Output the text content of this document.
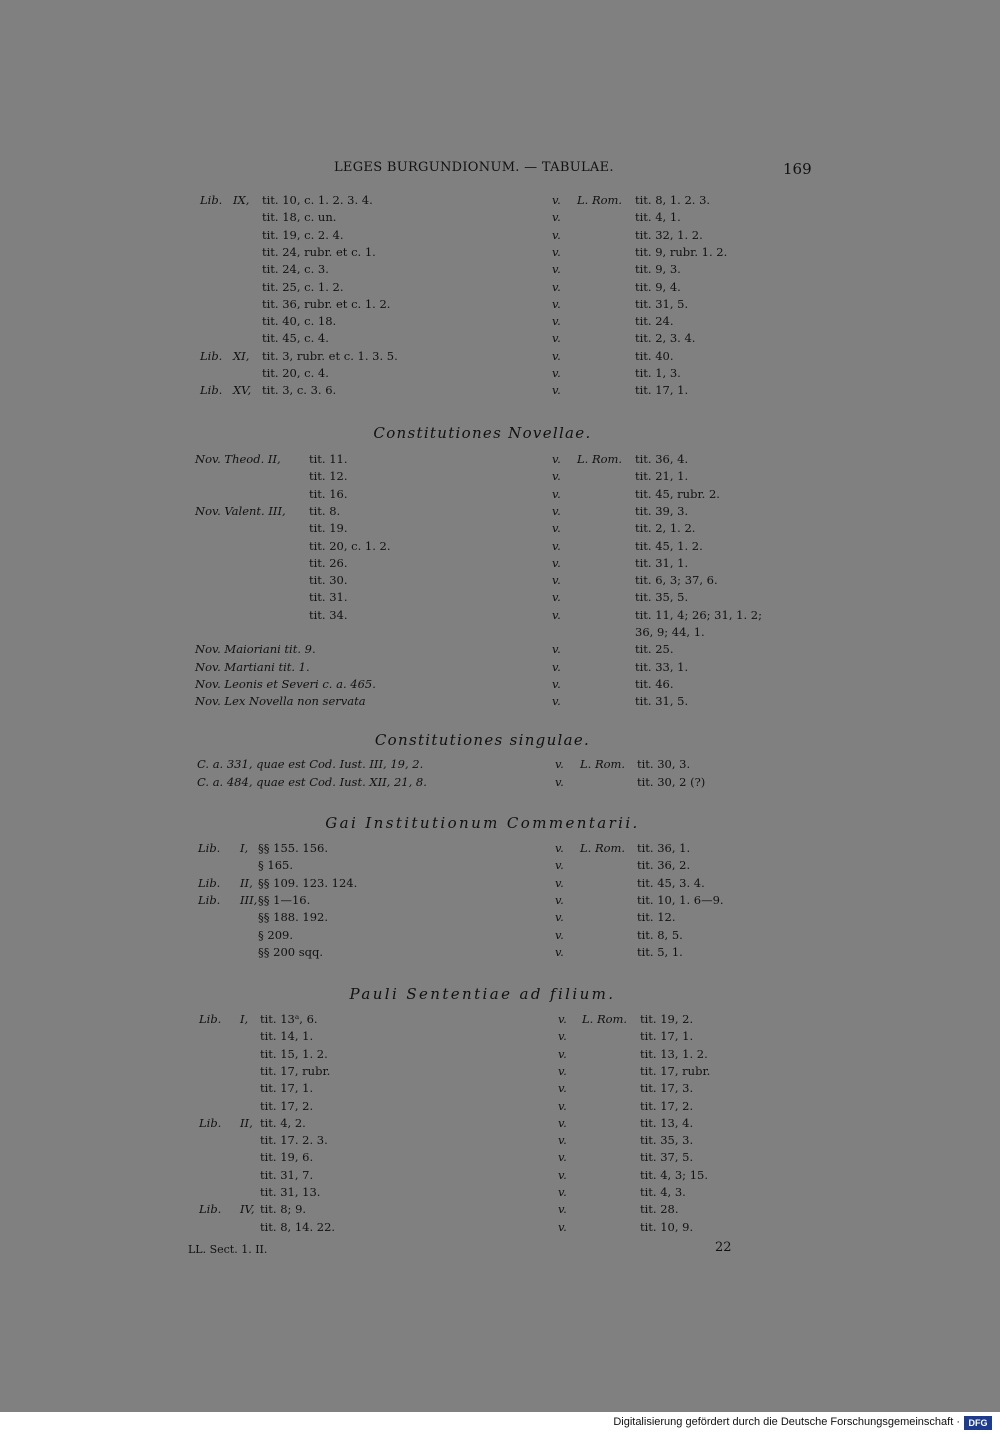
LEGES BURGUNDIONUM. — TABULAE.	169
Lib. IX, tit. 10, c. 1. 2. 3. 4.	v. L. Rom. tit. 8, 1. 2. 3.
tit. 18, c. un.	v.	tit. 4, 1.
tit. 19, c. 2. 4.	v.	tit. 32, 1. 2.
tit. 24, rubr. et c. 1.	v.	tit. 9, rubr. 1. 2.
tit. 24, c. 3.	v.	tit. 9, 3.
tit. 25, c. 1. 2.	v.	tit. 9, 4.
tit. 36, rubr. et c. 1. 2.	v.	tit. 31, 5.
tit. 40, c. 18.	v.	tit. 24.
tit. 45, c. 4.	v.	tit. 2, 3. 4.
Lib. XI, tit. 3, rubr. et c. 1. 3. 5.	v.	tit. 40.
tit. 20, c. 4.	v.	tit. 1, 3.
Lib. XV, tit. 3, c. 3. 6.	v.	tit. 17, 1.
Constitutiones Novellae.
Nov. Theod. II, tit. 11.	v. L. Rom. tit. 36, 4.
tit. 12.	v.	tit. 21, 1.
tit. 16.	v.	tit. 45, rubr. 2.
Nov. Valent. III, tit. 8.	v.	tit. 39, 3.
tit. 19.	v.	tit. 2, 1. 2.
tit. 20, c. 1. 2.	v.	tit. 45, 1. 2.
tit. 26.	v.	tit. 31, 1.
tit. 30.	v.	tit. 6, 3; 37, 6.
tit. 31.	v.	tit. 35, 5.
tit. 34.	v.	tit. 11, 4; 26; 31, 1. 2;
36, 9; 44, 1.
Nov. Maioriani tit. 9.	v.	tit. 25.
Nov. Martiani tit. 1.	v.	tit. 33, 1.
Nov. Leonis et Severi c. a. 465.	v.	tit. 46.
Nov. Lex Novella non servata	v.	tit. 31, 5.
Constitutiones singulae.
C. a. 331, quae est Cod. Iust. III, 19, 2.	v. L. Rom. tit. 30, 3.
C. a. 484, quae est Cod. Iust. XII, 21, 8.	v.	tit. 30, 2 (?)
Gai Institutionum Commentarii.
Lib. I, §§ 155. 156.	v. L. Rom. tit. 36, 1.
§ 165.	v.	tit. 36, 2.
Lib. II, §§ 109. 123. 124.	v.	tit. 45, 3. 4.
Lib. III, §§ 1—16.	v.	tit. 10, 1. 6—9.
§§ 188. 192.	v.	tit. 12.
§ 209.	v.	tit. 8, 5.
§§ 200 sqq.	v.	tit. 5, 1.
Pauli Sententiae ad filium.
Lib. I, tit. 13ᵃ, 6.	v. L. Rom. tit. 19, 2.
tit. 14, 1.	v.	tit. 17, 1.
tit. 15, 1. 2.	v.	tit. 13, 1. 2.
tit. 17, rubr.	v.	tit. 17, rubr.
tit. 17, 1.	v.	tit. 17, 3.
tit. 17, 2.	v.	tit. 17, 2.
Lib. II, tit. 4, 2.	v.	tit. 13, 4.
tit. 17. 2. 3.	v.	tit. 35, 3.
tit. 19, 6.	v.	tit. 37, 5.
tit. 31, 7.	v.	tit. 4, 3; 15.
tit. 31, 13.	v.	tit. 4, 3.
Lib. IV, tit. 8; 9.	v.	tit. 28.
tit. 8, 14. 22.	v.	tit. 10, 9.
LL. Sect. 1. II.	22
Digitalisierung gefördert durch die Deutsche Forschungsgemeinschaft · DFG
